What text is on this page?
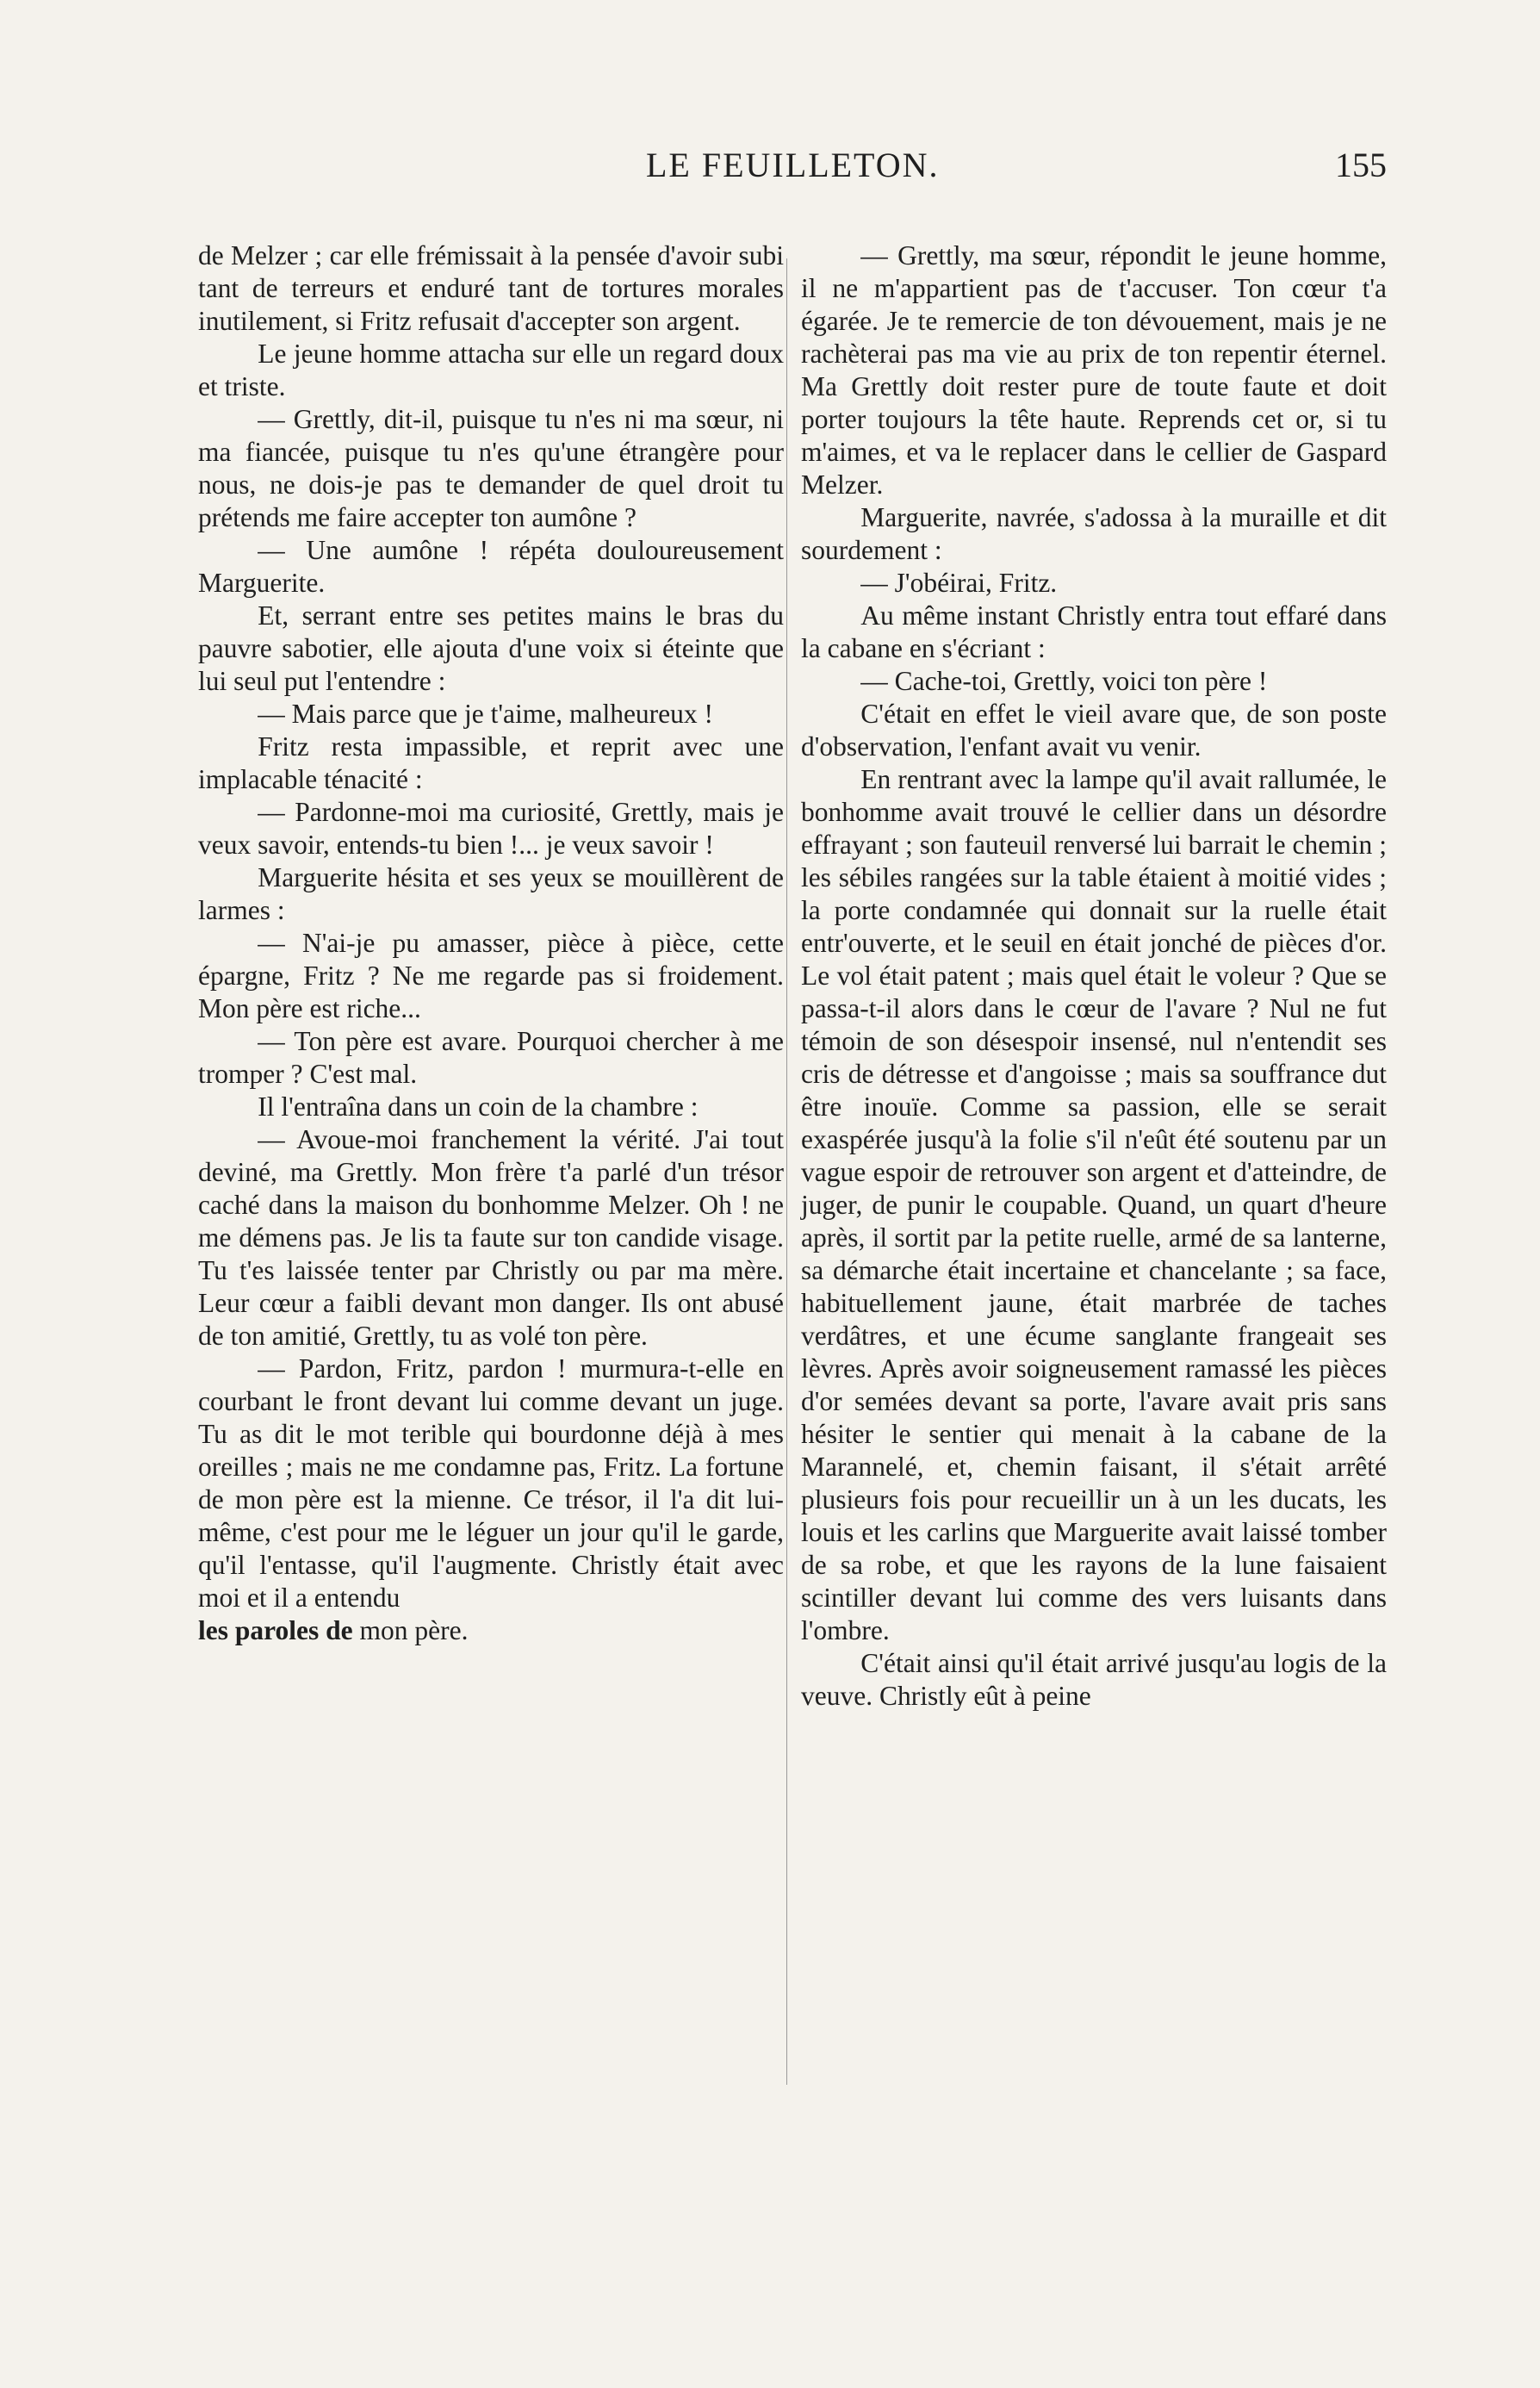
LE FEUILLETON.	155

de Melzer ; car elle frémissait à la pensée d'avoir subi tant de terreurs et enduré tant de tortures morales inutilement, si Fritz refusait d'accepter son argent.

Le jeune homme attacha sur elle un regard doux et triste.

— Grettly, dit-il, puisque tu n'es ni ma sœur, ni ma fiancée, puisque tu n'es qu'une étrangère pour nous, ne dois-je pas te demander de quel droit tu prétends me faire accepter ton aumône ?

— Une aumône ! répéta douloureusement Marguerite.

Et, serrant entre ses petites mains le bras du pauvre sabotier, elle ajouta d'une voix si éteinte que lui seul put l'entendre :

— Mais parce que je t'aime, malheureux !

Fritz resta impassible, et reprit avec une implacable ténacité :

— Pardonne-moi ma curiosité, Grettly, mais je veux savoir, entends-tu bien !... je veux savoir !

Marguerite hésita et ses yeux se mouillèrent de larmes :

— N'ai-je pu amasser, pièce à pièce, cette épargne, Fritz ? Ne me regarde pas si froidement. Mon père est riche...

— Ton père est avare. Pourquoi chercher à me tromper ? C'est mal.

Il l'entraîna dans un coin de la chambre :

— Avoue-moi franchement la vérité. J'ai tout deviné, ma Grettly. Mon frère t'a parlé d'un trésor caché dans la maison du bonhomme Melzer. Oh ! ne me démens pas. Je lis ta faute sur ton candide visage. Tu t'es laissée tenter par Christly ou par ma mère. Leur cœur a faibli devant mon danger. Ils ont abusé de ton amitié, Grettly, tu as volé ton père.

— Pardon, Fritz, pardon ! murmura-t-elle en courbant le front devant lui comme devant un juge. Tu as dit le mot terible qui bourdonne déjà à mes oreilles ; mais ne me condamne pas, Fritz. La fortune de mon père est la mienne. Ce trésor, il l'a dit lui-même, c'est pour me le léguer un jour qu'il le garde, qu'il l'entasse, qu'il l'augmente. Christly était avec moi et il a entendu

les paroles de mon père.

— Grettly, ma sœur, répondit le jeune homme, il ne m'appartient pas de t'accuser. Ton cœur t'a égarée. Je te remercie de ton dévouement, mais je ne rachèterai pas ma vie au prix de ton repentir éternel. Ma Grettly doit rester pure de toute faute et doit porter toujours la tête haute. Reprends cet or, si tu m'aimes, et va le replacer dans le cellier de Gaspard Melzer.

Marguerite, navrée, s'adossa à la muraille et dit sourdement :

— J'obéirai, Fritz.

Au même instant Christly entra tout effaré dans la cabane en s'écriant :

— Cache-toi, Grettly, voici ton père !

C'était en effet le vieil avare que, de son poste d'observation, l'enfant avait vu venir.

En rentrant avec la lampe qu'il avait rallumée, le bonhomme avait trouvé le cellier dans un désordre effrayant ; son fauteuil renversé lui barrait le chemin ; les sébiles rangées sur la table étaient à moitié vides ; la porte condamnée qui donnait sur la ruelle était entr'ouverte, et le seuil en était jonché de pièces d'or. Le vol était patent ; mais quel était le voleur ? Que se passa-t-il alors dans le cœur de l'avare ? Nul ne fut témoin de son désespoir insensé, nul n'entendit ses cris de détresse et d'angoisse ; mais sa souffrance dut être inouïe. Comme sa passion, elle se serait exaspérée jusqu'à la folie s'il n'eût été soutenu par un vague espoir de retrouver son argent et d'atteindre, de juger, de punir le coupable. Quand, un quart d'heure après, il sortit par la petite ruelle, armé de sa lanterne, sa démarche était incertaine et chancelante ; sa face, habituellement jaune, était marbrée de taches verdâtres, et une écume sanglante frangeait ses lèvres. Après avoir soigneusement ramassé les pièces d'or semées devant sa porte, l'avare avait pris sans hésiter le sentier qui menait à la cabane de la Marannelé, et, chemin faisant, il s'était arrêté plusieurs fois pour recueillir un à un les ducats, les louis et les carlins que Marguerite avait laissé tomber de sa robe, et que les rayons de la lune faisaient scintiller devant lui comme des vers luisants dans l'ombre.

C'était ainsi qu'il était arrivé jusqu'au logis de la veuve. Christly eût à peine
